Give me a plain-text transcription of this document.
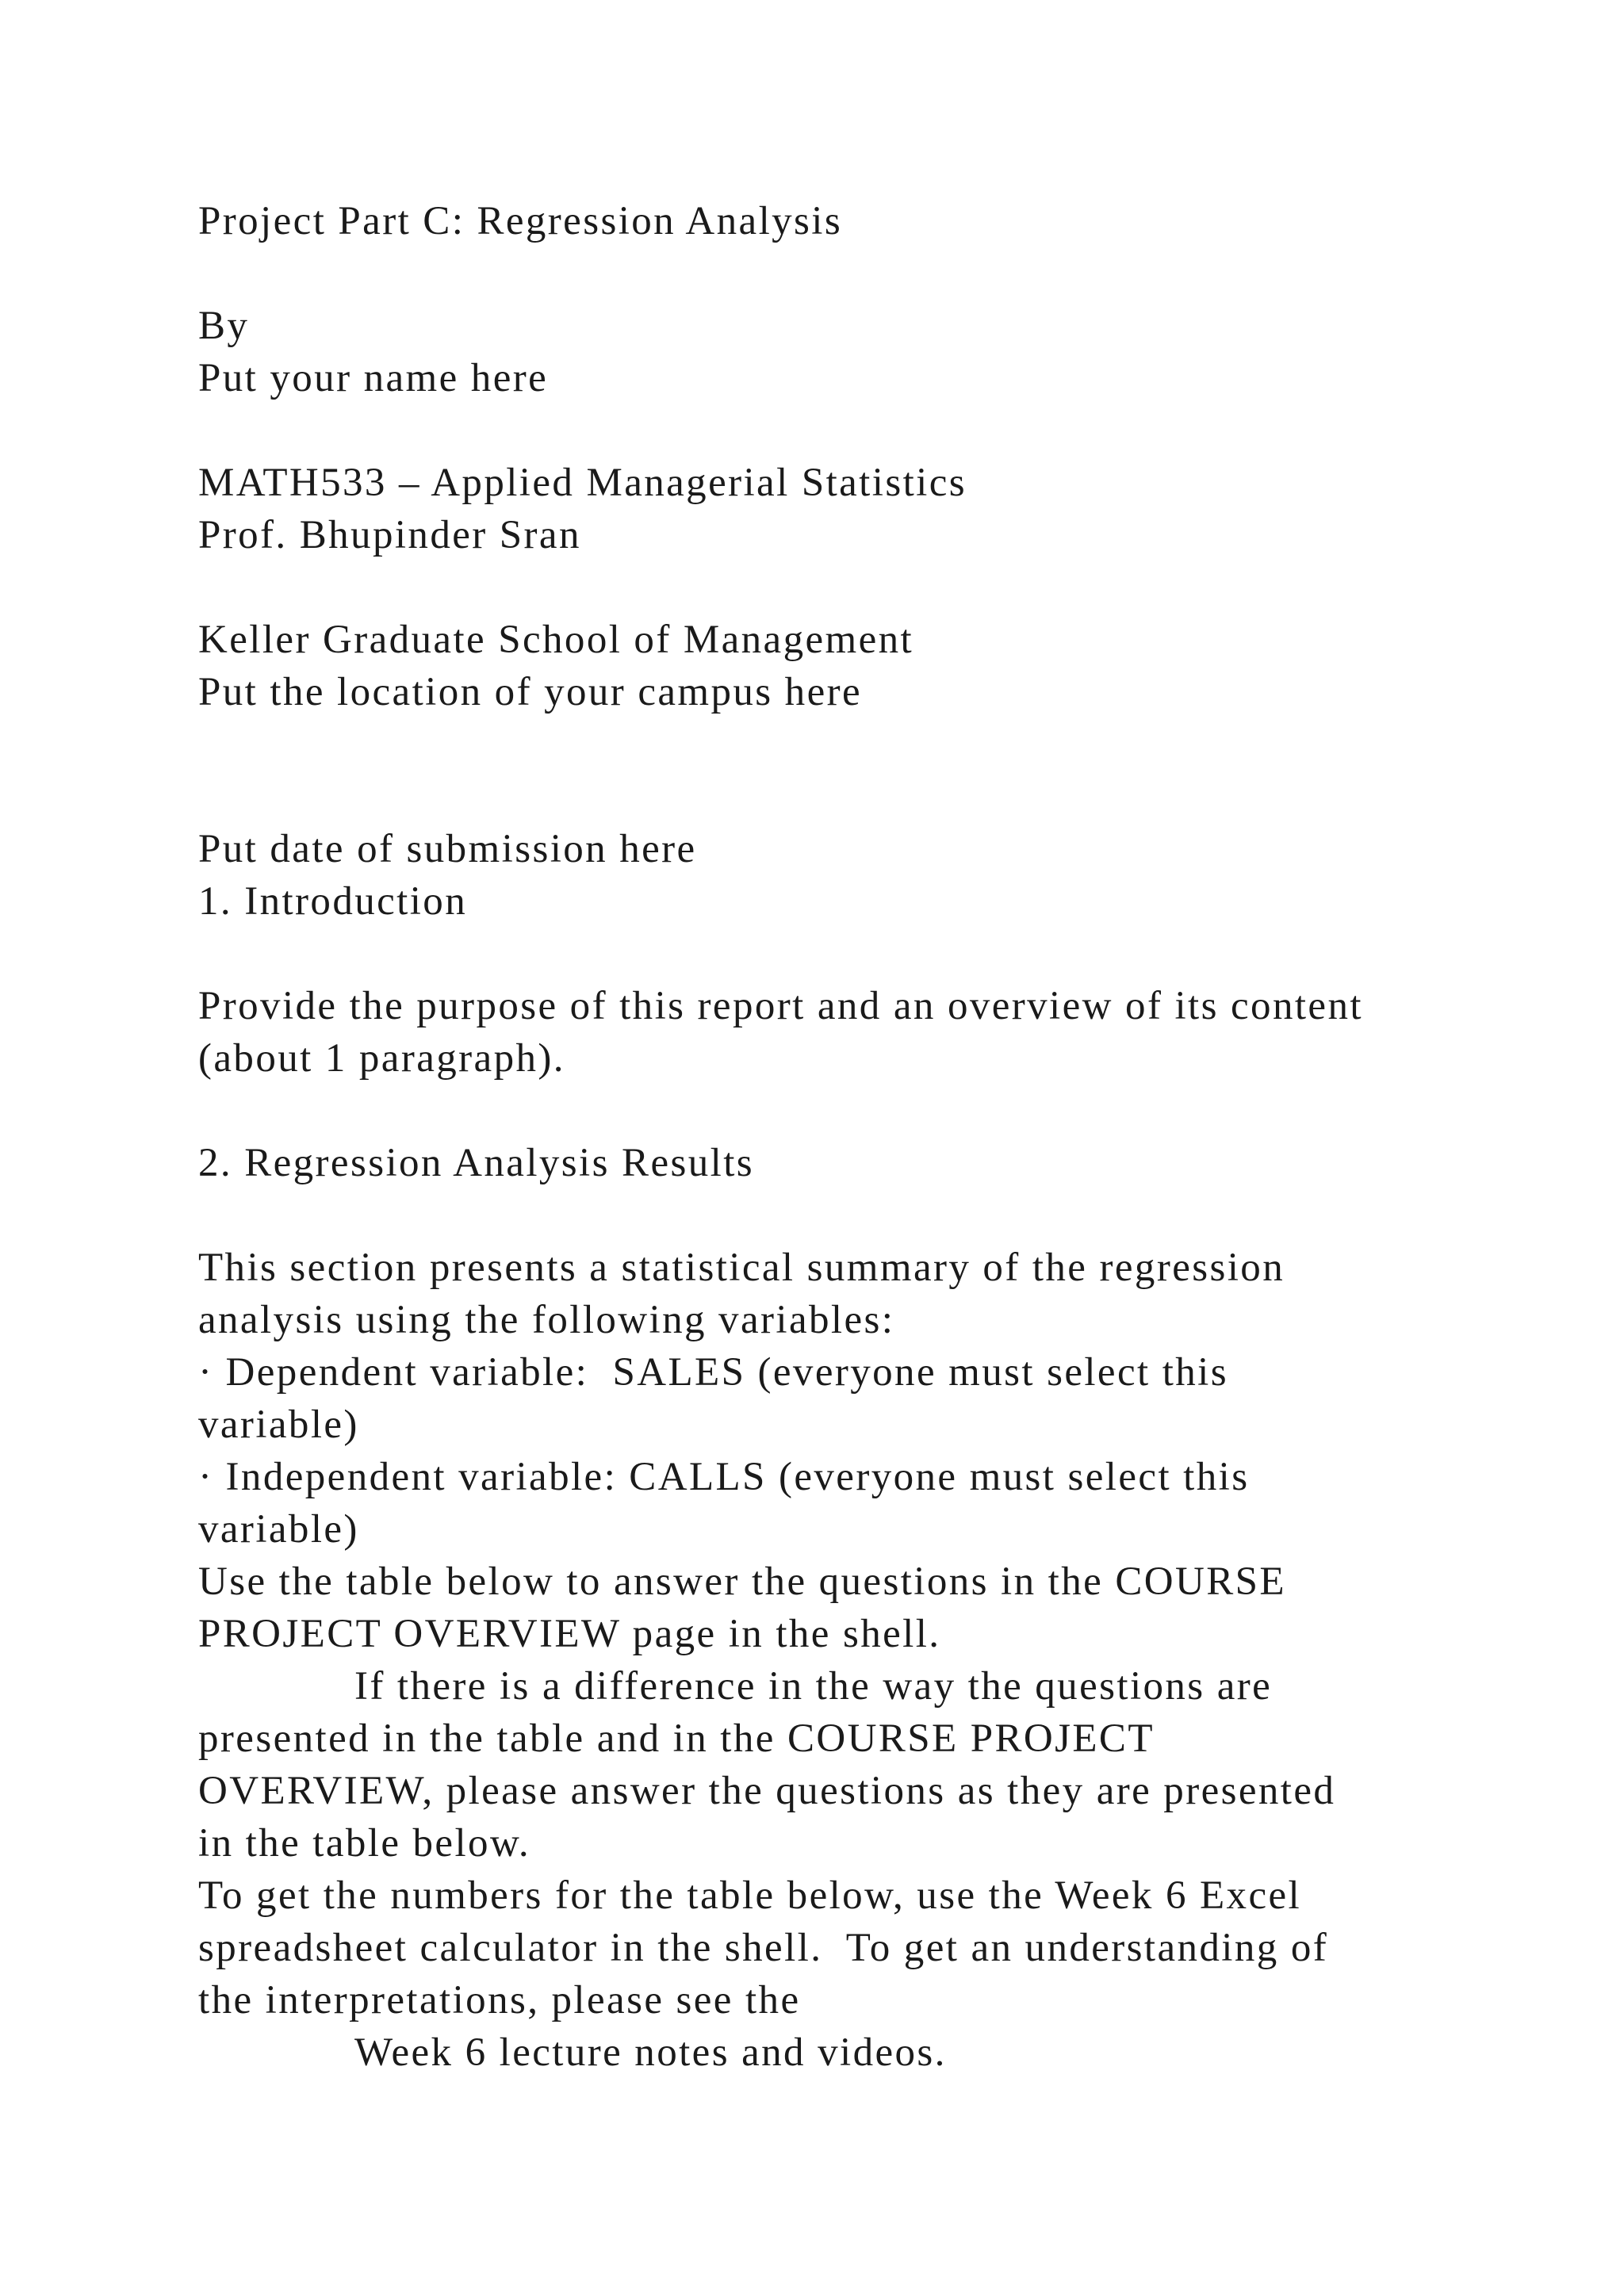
Project Part C: Regression Analysis
By
Put your name here
MATH533 – Applied Managerial Statistics
Prof. Bhupinder Sran
Keller Graduate School of Management
Put the location of your campus here
Put date of submission here
1. Introduction
Provide the purpose of this report and an overview of its content
(about 1 paragraph).
2. Regression Analysis Results
This section presents a statistical summary of the regression
analysis using the following variables:
· Dependent variable:  SALES (everyone must select this
variable)
· Independent variable: CALLS (everyone must select this
variable)
Use the table below to answer the questions in the COURSE
PROJECT OVERVIEW page in the shell.
If there is a difference in the way the questions are
presented in the table and in the COURSE PROJECT
OVERVIEW, please answer the questions as they are presented
in the table below.
To get the numbers for the table below, use the Week 6 Excel
spreadsheet calculator in the shell.  To get an understanding of
the interpretations, please see the
Week 6 lecture notes and videos.
